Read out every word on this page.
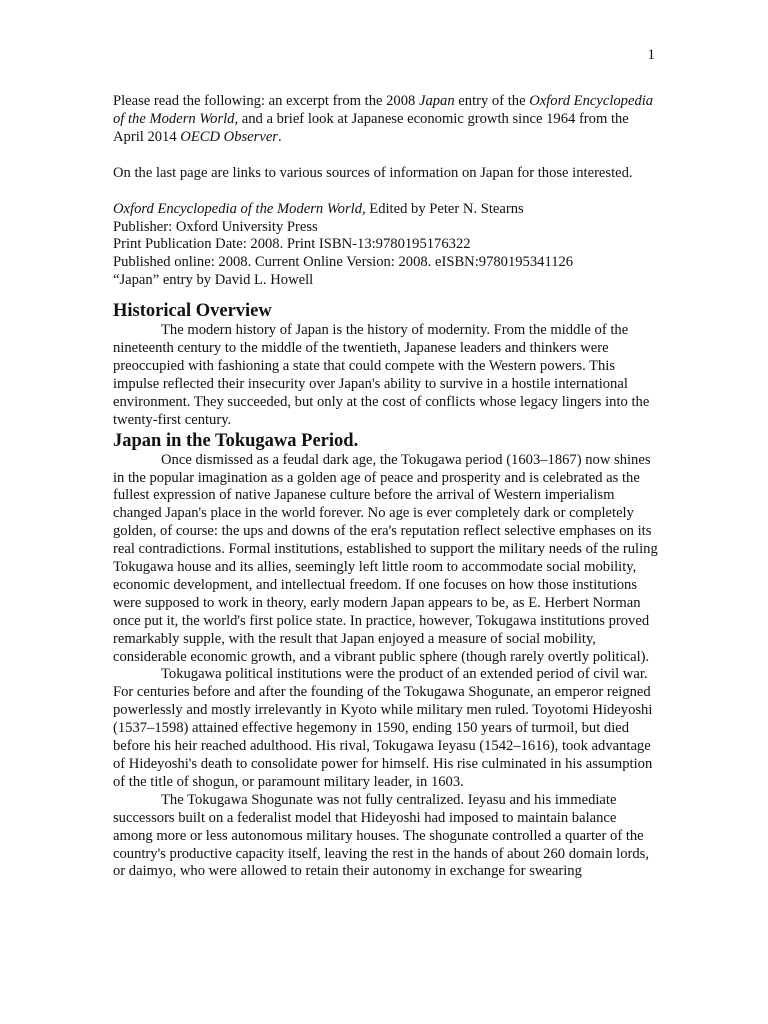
1

Please read the following: an excerpt from the 2008 Japan entry of the Oxford Encyclopedia of the Modern World, and a brief look at Japanese economic growth since 1964 from the April 2014 OECD Observer.

On the last page are links to various sources of information on Japan for those interested.

Oxford Encyclopedia of the Modern World, Edited by Peter N. Stearns
Publisher: Oxford University Press
Print Publication Date: 2008. Print ISBN-13:9780195176322
Published online: 2008. Current Online Version: 2008. eISBN:9780195341126
“Japan” entry by David L. Howell
Historical Overview

The modern history of Japan is the history of modernity. From the middle of the nineteenth century to the middle of the twentieth, Japanese leaders and thinkers were preoccupied with fashioning a state that could compete with the Western powers. This impulse reflected their insecurity over Japan's ability to survive in a hostile international environment. They succeeded, but only at the cost of conflicts whose legacy lingers into the twenty-first century.

Japan in the Tokugawa Period.

Once dismissed as a feudal dark age, the Tokugawa period (1603–1867) now shines in the popular imagination as a golden age of peace and prosperity and is celebrated as the fullest expression of native Japanese culture before the arrival of Western imperialism changed Japan's place in the world forever. No age is ever completely dark or completely golden, of course: the ups and downs of the era's reputation reflect selective emphases on its real contradictions. Formal institutions, established to support the military needs of the ruling Tokugawa house and its allies, seemingly left little room to accommodate social mobility, economic development, and intellectual freedom. If one focuses on how those institutions were supposed to work in theory, early modern Japan appears to be, as E. Herbert Norman once put it, the world's first police state. In practice, however, Tokugawa institutions proved remarkably supple, with the result that Japan enjoyed a measure of social mobility, considerable economic growth, and a vibrant public sphere (though rarely overtly political).

Tokugawa political institutions were the product of an extended period of civil war. For centuries before and after the founding of the Tokugawa Shogunate, an emperor reigned powerlessly and mostly irrelevantly in Kyoto while military men ruled. Toyotomi Hideyoshi (1537–1598) attained effective hegemony in 1590, ending 150 years of turmoil, but died before his heir reached adulthood. His rival, Tokugawa Ieyasu (1542–1616), took advantage of Hideyoshi's death to consolidate power for himself. His rise culminated in his assumption of the title of shogun, or paramount military leader, in 1603.

The Tokugawa Shogunate was not fully centralized. Ieyasu and his immediate successors built on a federalist model that Hideyoshi had imposed to maintain balance among more or less autonomous military houses. The shogunate controlled a quarter of the country's productive capacity itself, leaving the rest in the hands of about 260 domain lords, or daimyo, who were allowed to retain their autonomy in exchange for swearing
